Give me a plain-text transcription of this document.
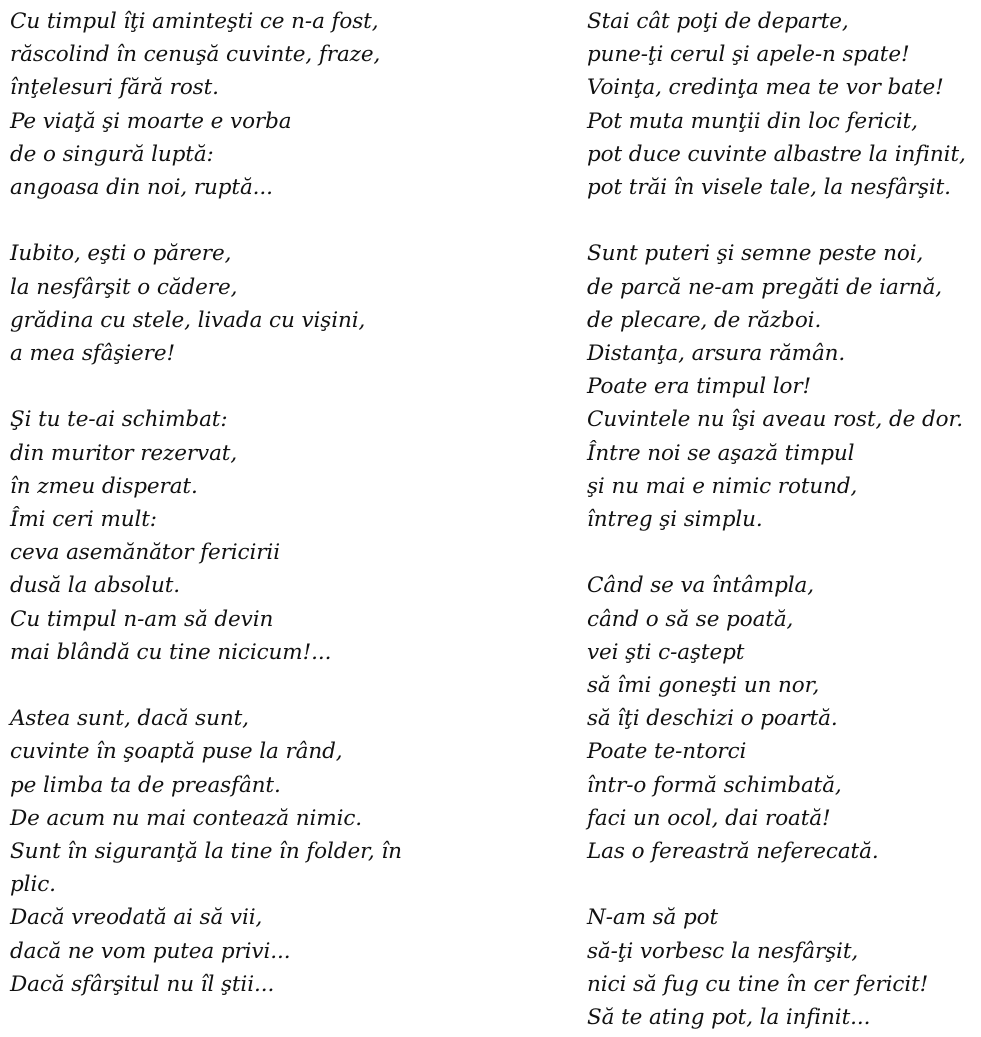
Cu timpul îţi aminteşti ce n-a fost,
răscolind în cenuşă cuvinte, fraze,
înţelesuri fără rost.
Pe viaţă şi moarte e vorba
de o singură luptă:
angoasa din noi, ruptă...
Iubito, eşti o părere,
la nesfârşit o cădere,
grădina cu stele, livada cu vişini,
a mea sfâşiere!
Şi tu te-ai schimbat:
din muritor rezervat,
în zmeu disperat.
Îmi ceri mult:
ceva asemănător fericirii
dusă la absolut.
Cu timpul n-am să devin
mai blândă cu tine nicicum!...
Astea sunt, dacă sunt,
cuvinte în şoaptă puse la rând,
pe limba ta de preasfânt.
De acum nu mai contează nimic.
Sunt în siguranţă la tine în folder, în plic.
Dacă vreodată ai să vii,
dacă ne vom putea privi...
Dacă sfârşitul nu îl ştii...
Stai cât poţi de departe,
pune-ţi cerul şi apele-n spate!
Voinţa, credinţa mea te vor bate!
Pot muta munţii din loc fericit,
pot duce cuvinte albastre la infinit,
pot trăi în visele tale, la nesfârşit.
Sunt puteri şi semne peste noi,
de parcă ne-am pregăti de iarnă,
de plecare, de război.
Distanţa, arsura rămân.
Poate era timpul lor!
Cuvintele nu îşi aveau rost, de dor.
Între noi se aşază timpul
şi nu mai e nimic rotund,
întreg şi simplu.
Când se va întâmpla,
când o să se poată,
vei şti c-aştept
să îmi goneşti un nor,
să îţi deschizi o poartă.
Poate te-ntorci
într-o formă schimbată,
faci un ocol, dai roată!
Las o fereastră neferecată.
N-am să pot
să-ţi vorbesc la nesfârşit,
nici să fug cu tine în cer fericit!
Să te ating pot, la infinit...
